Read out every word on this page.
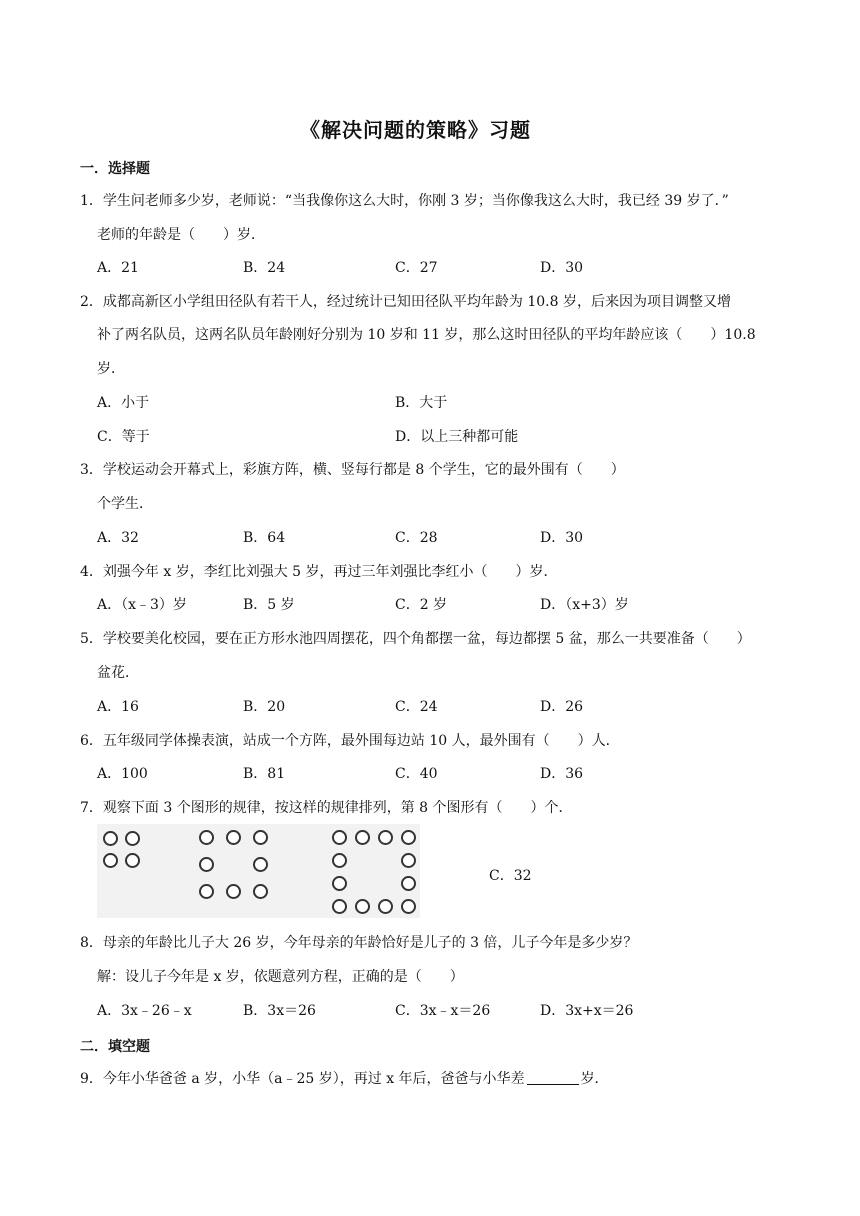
《解决问题的策略》习题
一．选择题
1．学生问老师多少岁，老师说：“当我像你这么大时，你刚 3 岁；当你像我这么大时，我已经 39 岁了．”
老师的年龄是（　　）岁．
A．21	B．24	C．27	D．30
2．成都高新区小学组田径队有若干人，经过统计已知田径队平均年龄为 10.8 岁，后来因为项目调整又增
补了两名队员，这两名队员年龄刚好分别为 10 岁和 11 岁，那么这时田径队的平均年龄应该（　　）10.8
岁．
A．小于	B．大于
C．等于	D．以上三种都可能
3．学校运动会开幕式上，彩旗方阵，横、竖每行都是 8 个学生，它的最外围有（　　）
个学生．
A．32	B．64	C．28	D．30
4．刘强今年 x 岁，李红比刘强大 5 岁，再过三年刘强比李红小（　　）岁．
A．（x﹣3）岁	B．5 岁	C．2 岁	D．（x+3）岁
5．学校要美化校园，要在正方形水池四周摆花，四个角都摆一盆，每边都摆 5 盆，那么一共要准备（　　）
盆花．
A．16	B．20	C．24	D．26
6．五年级同学体操表演，站成一个方阵，最外围每边站 10 人，最外围有（　　）人．
A．100	B．81	C．40	D．36
7．观察下面 3 个图形的规律，按这样的规律排列，第 8 个图形有（　　）个．
C．32
8．母亲的年龄比儿子大 26 岁，今年母亲的年龄恰好是儿子的 3 倍，儿子今年是多少岁？
解：设儿子今年是 x 岁，依题意列方程，正确的是（　　）
A．3x﹣26﹣x	B．3x＝26	C．3x﹣x＝26	D．3x+x＝26
二．填空题
9．今年小华爸爸 a 岁，小华（a﹣25 岁），再过 x 年后，爸爸与小华差	岁．
